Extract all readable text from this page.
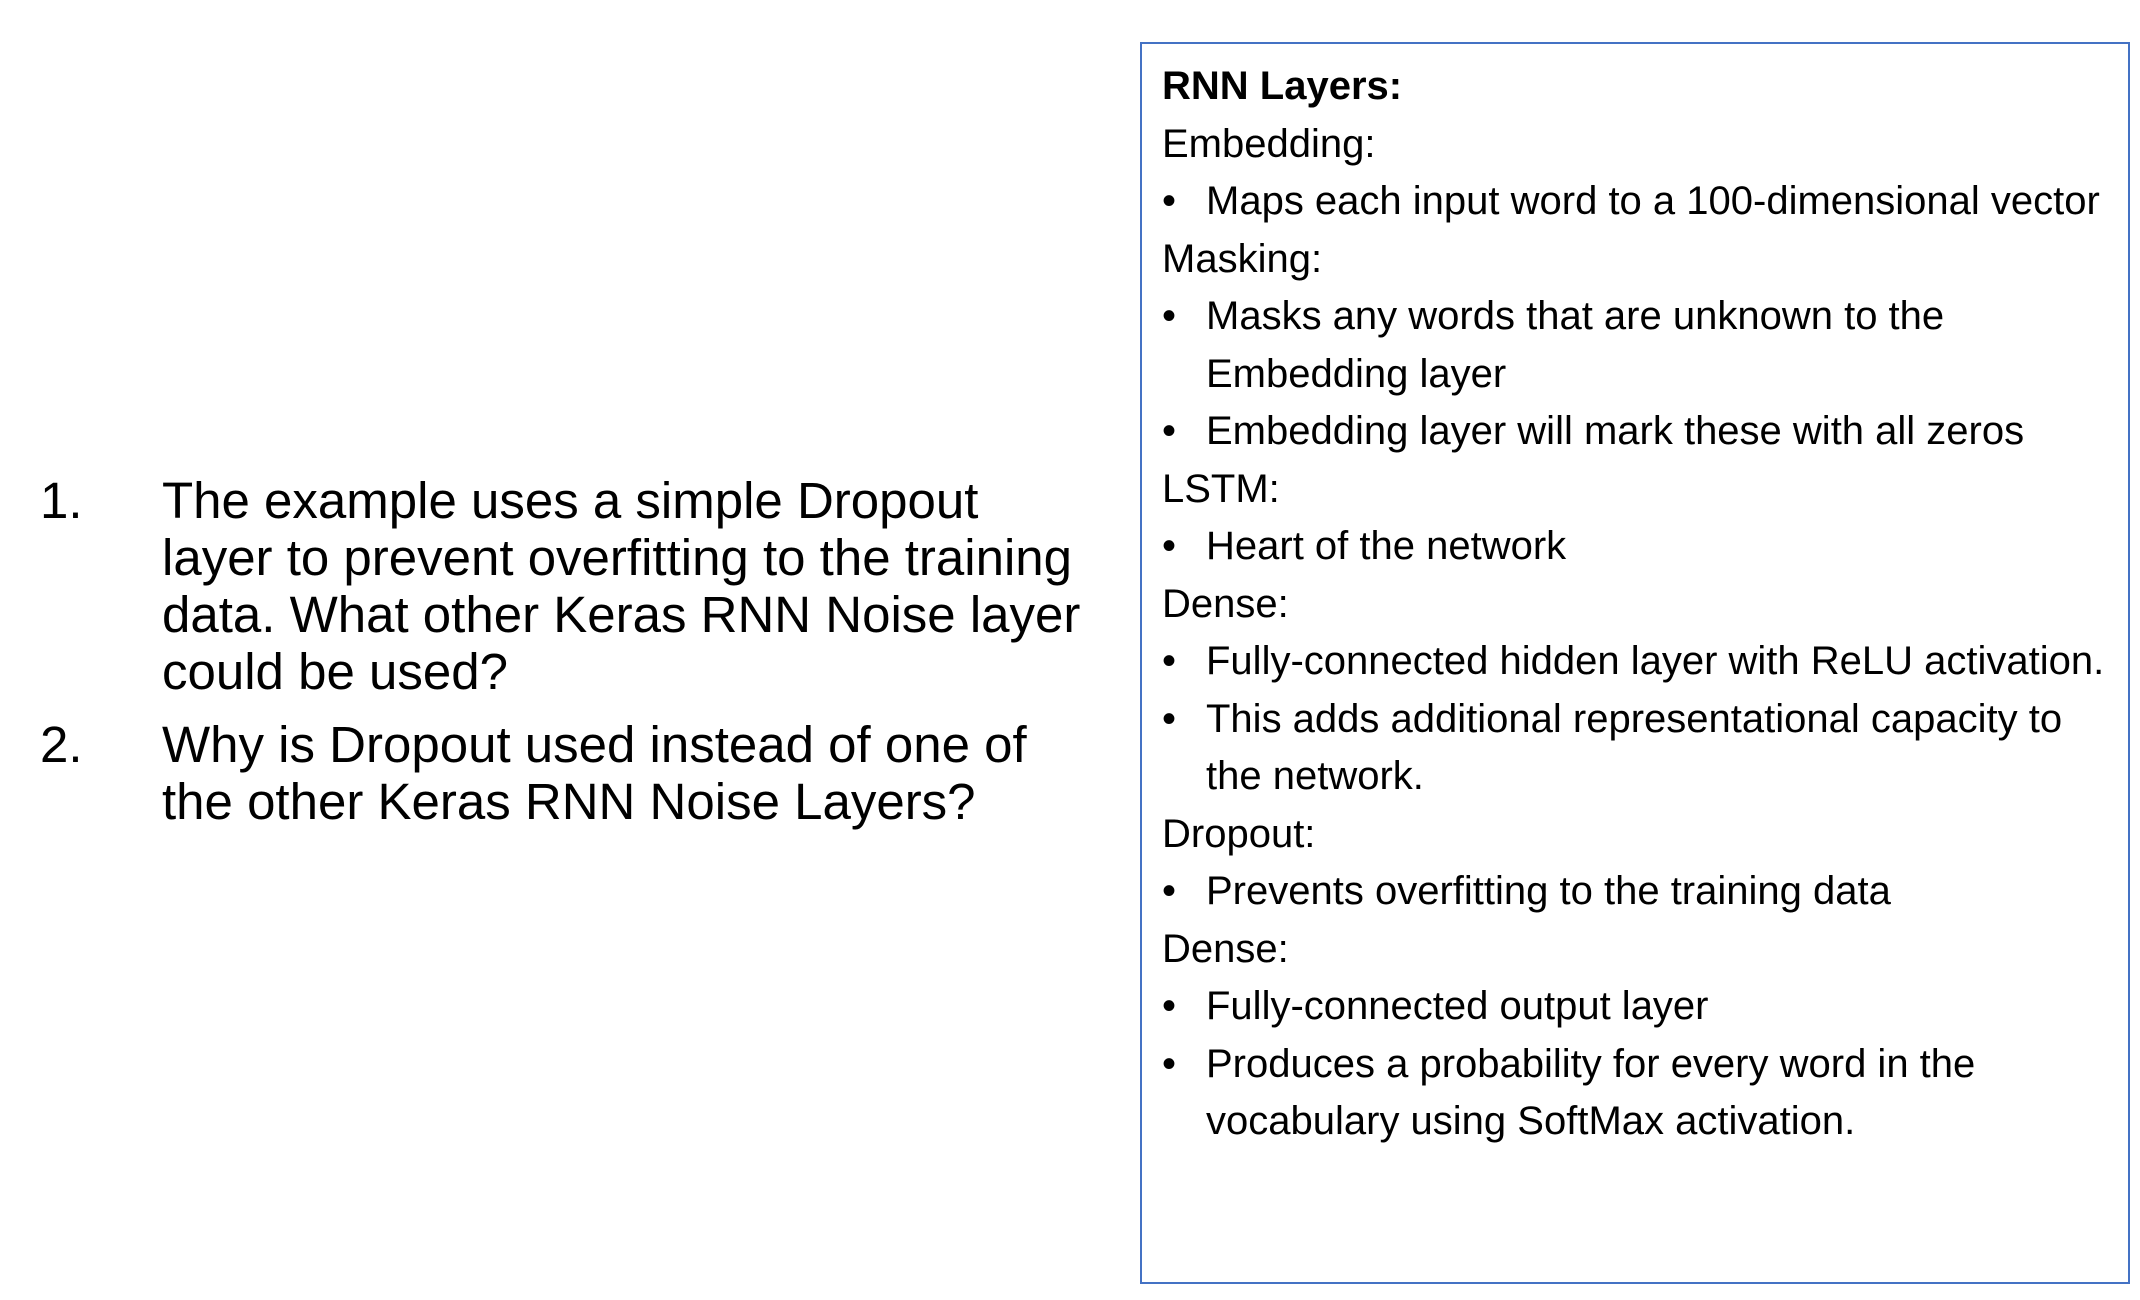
1.	The example uses a simple Dropout layer to prevent overfitting to the training data. What other Keras RNN Noise layer could be used?
2.	Why is Dropout used instead of one of the other Keras RNN Noise Layers?
RNN Layers:
Embedding:
• Maps each input word to a 100-dimensional vector
Masking:
• Masks any words that are unknown to the Embedding layer
• Embedding layer will mark these with all zeros
LSTM:
• Heart of the network
Dense:
• Fully-connected hidden layer with ReLU activation.
• This adds additional representational capacity to the network.
Dropout:
• Prevents overfitting to the training data
Dense:
• Fully-connected output layer
• Produces a probability for every word in the vocabulary using SoftMax activation.
